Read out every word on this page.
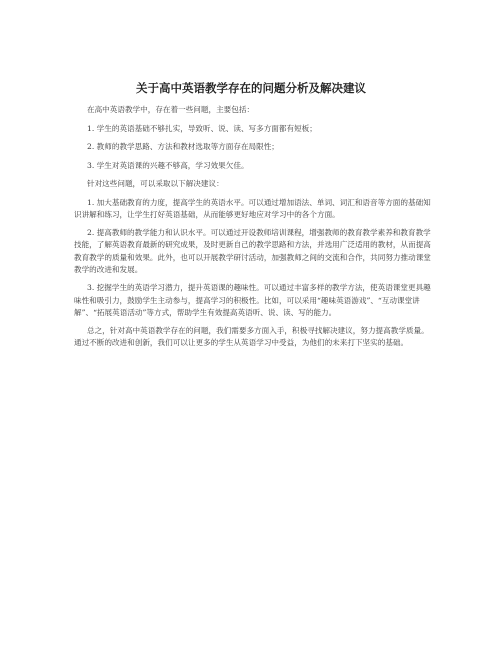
关于高中英语教学存在的问题分析及解决建议

在高中英语教学中，存在着一些问题，主要包括：

1. 学生的英语基础不够扎实，导致听、说、读、写多方面都有短板；

2. 教师的教学思路、方法和教材选取等方面存在局限性；

3. 学生对英语课的兴趣不够高，学习效果欠佳。

针对这些问题，可以采取以下解决建议：

1. 加大基础教育的力度，提高学生的英语水平。可以通过增加语法、单词、词汇和语音等方面的基础知识讲解和练习，让学生打好英语基础，从而能够更好地应对学习中的各个方面。

2. 提高教师的教学能力和认识水平。可以通过开设教师培训课程，增强教师的教育教学素养和教育教学技能，了解英语教育最新的研究成果，及时更新自己的教学思路和方法，并选用广泛适用的教材，从而提高教育教学的质量和效果。此外，也可以开展教学研讨活动，加强教师之间的交流和合作，共同努力推动课堂教学的改进和发展。

3. 挖掘学生的英语学习潜力，提升英语课的趣味性。可以通过丰富多样的教学方法，使英语课堂更具趣味性和吸引力，鼓励学生主动参与，提高学习的积极性。比如，可以采用“趣味英语游戏”、“互动课堂讲解”、“拓展英语活动”等方式，帮助学生有效提高英语听、说、读、写的能力。

总之，针对高中英语教学存在的问题，我们需要多方面入手，积极寻找解决建议，努力提高教学质量。通过不断的改进和创新，我们可以让更多的学生从英语学习中受益，为他们的未来打下坚实的基础。
